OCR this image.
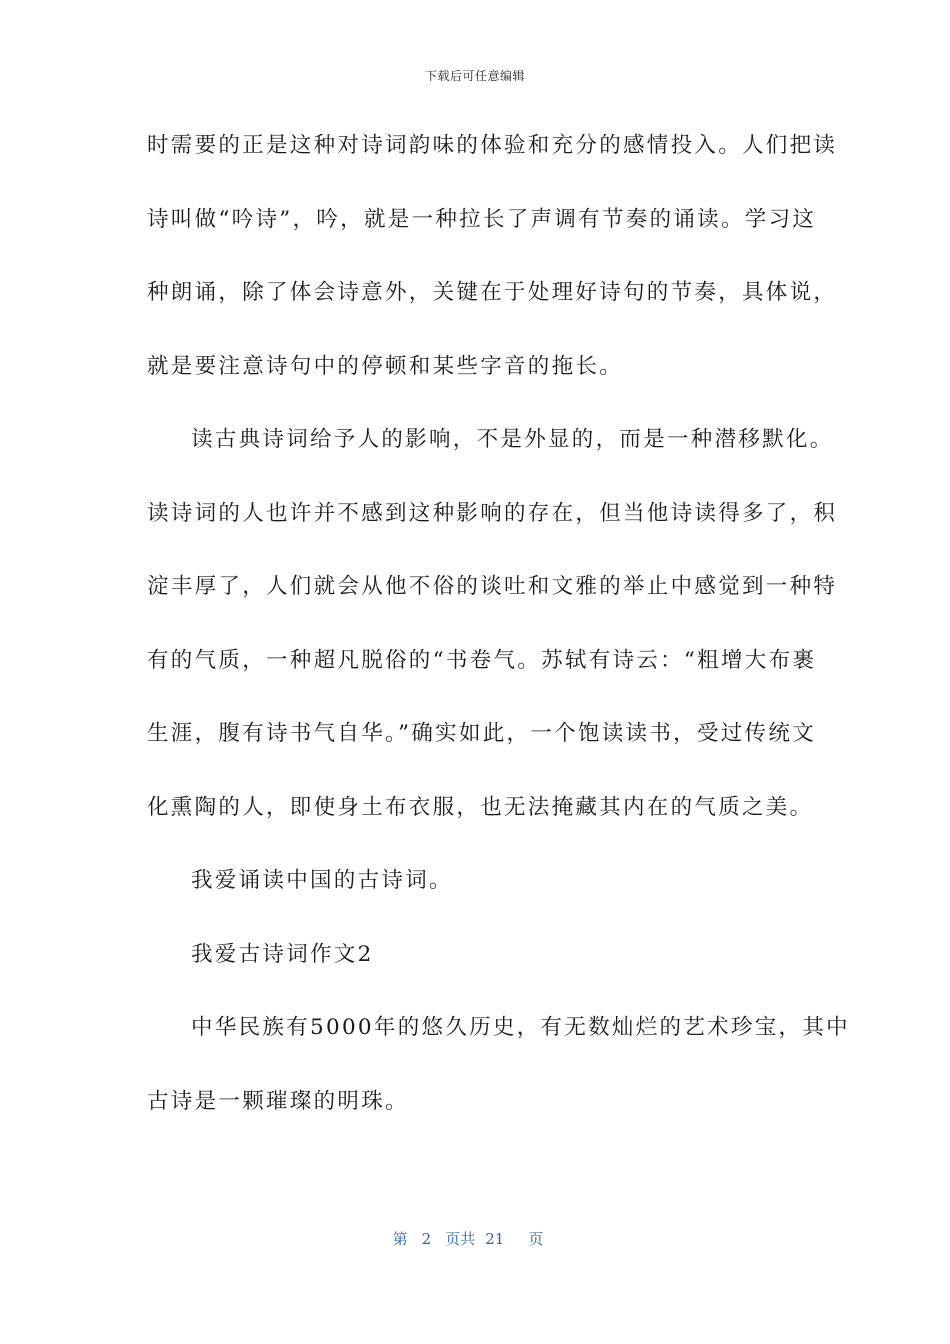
下载后可任意编辑
时需要的正是这种对诗词韵味的体验和充分的感情投入。人们把读
诗叫做“吟诗”，吟，就是一种拉长了声调有节奏的诵读。学习这
种朗诵，除了体会诗意外，关键在于处理好诗句的节奏，具体说，
就是要注意诗句中的停顿和某些字音的拖长。
读古典诗词给予人的影响，不是外显的，而是一种潜移默化。
读诗词的人也许并不感到这种影响的存在，但当他诗读得多了，积
淀丰厚了，人们就会从他不俗的谈吐和文雅的举止中感觉到一种特
有的气质，一种超凡脱俗的“书卷气。苏轼有诗云：“粗增大布裹
生涯，腹有诗书气自华。”确实如此，一个饱读读书，受过传统文
化熏陶的人，即使身土布衣服，也无法掩藏其内在的气质之美。
我爱诵读中国的古诗词。
我爱古诗词作文2
中华民族有5000年的悠久历史，有无数灿烂的艺术珍宝，其中
古诗是一颗璀璨的明珠。
第 2 页共 21 页
